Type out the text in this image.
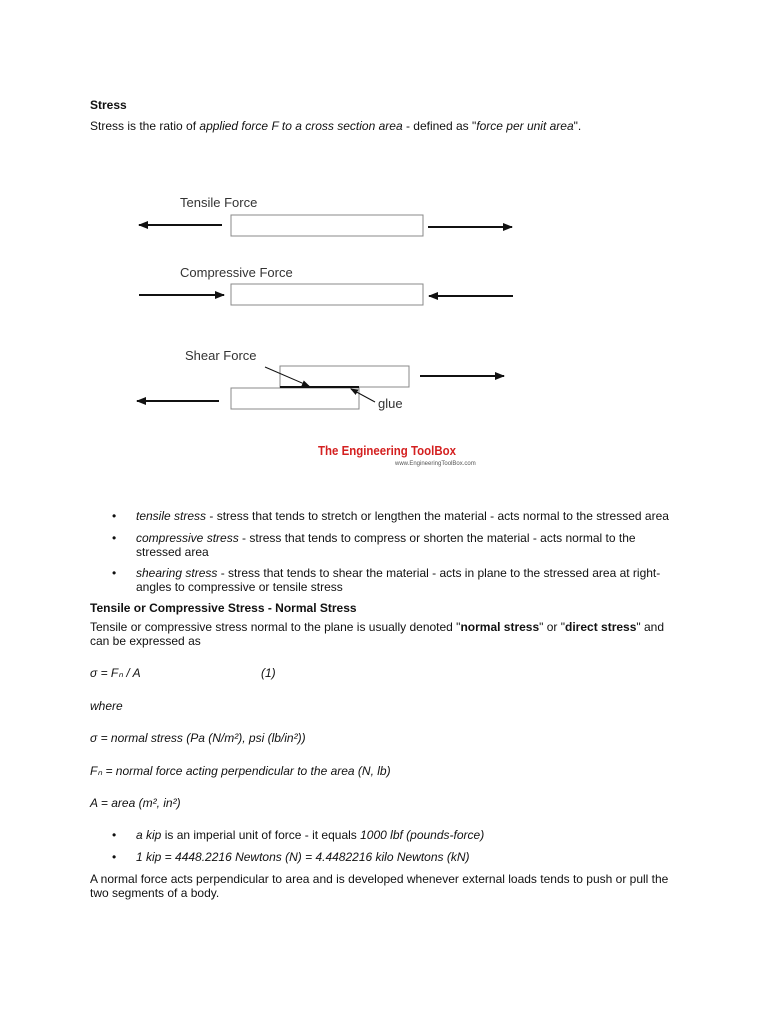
Stress
Stress is the ratio of applied force F to a cross section area - defined as "force per unit area".
Tensile Force
Compressive Force
Shear Force
glue
The Engineering ToolBox
www.EngineeringToolBox.com
• tensile stress - stress that tends to stretch or lengthen the material - acts normal to the stressed area
• compressive stress - stress that tends to compress or shorten the material - acts normal to the stressed area
• shearing stress - stress that tends to shear the material - acts in plane to the stressed area at right-angles to compressive or tensile stress
Tensile or Compressive Stress - Normal Stress
Tensile or compressive stress normal to the plane is usually denoted "normal stress" or "direct stress" and can be expressed as
σ = Fₙ / A	(1)
where
σ = normal stress (Pa (N/m²), psi (lb/in²))
Fₙ = normal force acting perpendicular to the area (N, lb)
A = area (m², in²)
• a kip is an imperial unit of force - it equals 1000 lbf (pounds-force)
• 1 kip = 4448.2216 Newtons (N) = 4.4482216 kilo Newtons (kN)
A normal force acts perpendicular to area and is developed whenever external loads tends to push or pull the two segments of a body.
